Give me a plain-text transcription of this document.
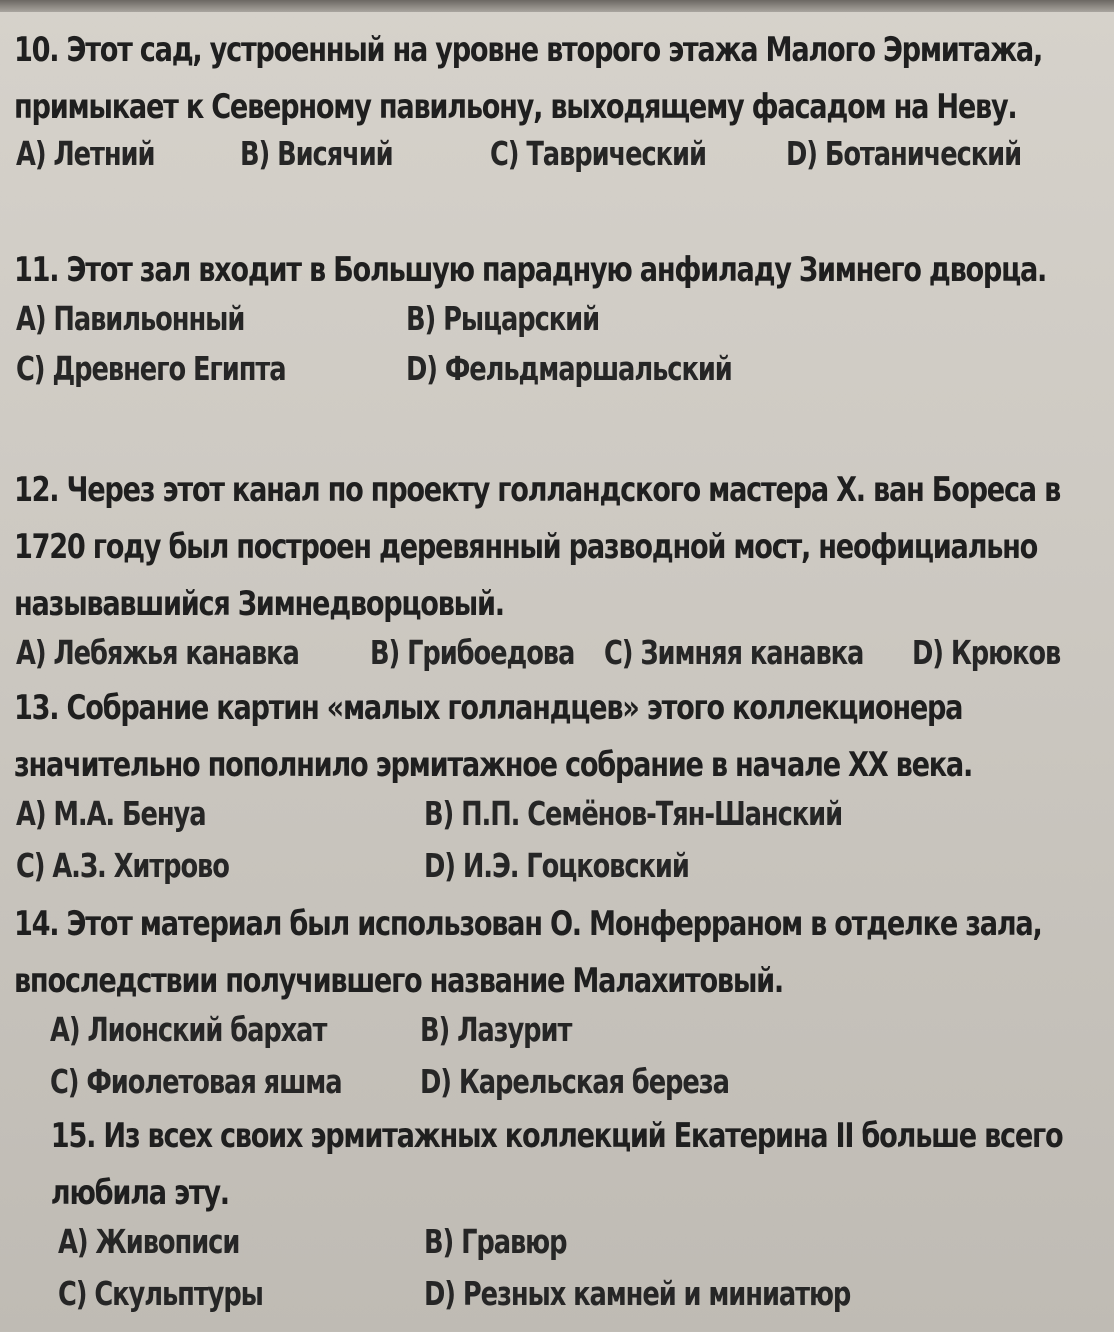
10. Этот сад, устроенный на уровне второго этажа Малого Эрмитажа, примыкает к Северному павильону, выходящему фасадом на Неву.
A) Летний	B) Висячий	C) Таврический D) Ботанический
11. Этот зал входит в Большую парадную анфиладу Зимнего дворца.
A) Павильонный	B) Рыцарский
C) Древнего Египта	D) Фельдмаршальский
12. Через этот канал по проекту голландского мастера X. ван Бореса в 1720 году был построен деревянный разводной мост, неофициально называвшийся Зимнедворцовый.
A) Лебяжья канавка B) Грибоедова C) Зимняя канавка D) Крюков
13. Собрание картин «малых голландцев» этого коллекционера значительно пополнило эрмитажное собрание в начале XX века.
A) М.А. Бенуа	B) П.П. Семёнов-Тян-Шанский
C) А.З. Хитрово	D) И.Э. Гоцковский
14. Этот материал был использован О. Монферраном в отделке зала, впоследствии получившего название Малахитовый.
A) Лионский бархат	B) Лазурит
C) Фиолетовая яшма D) Карельская береза
15. Из всех своих эрмитажных коллекций Екатерина II больше всего любила эту.
A) Живописи	B) Гравюр
C) Скульптуры	D) Резных камней и миниатюр
